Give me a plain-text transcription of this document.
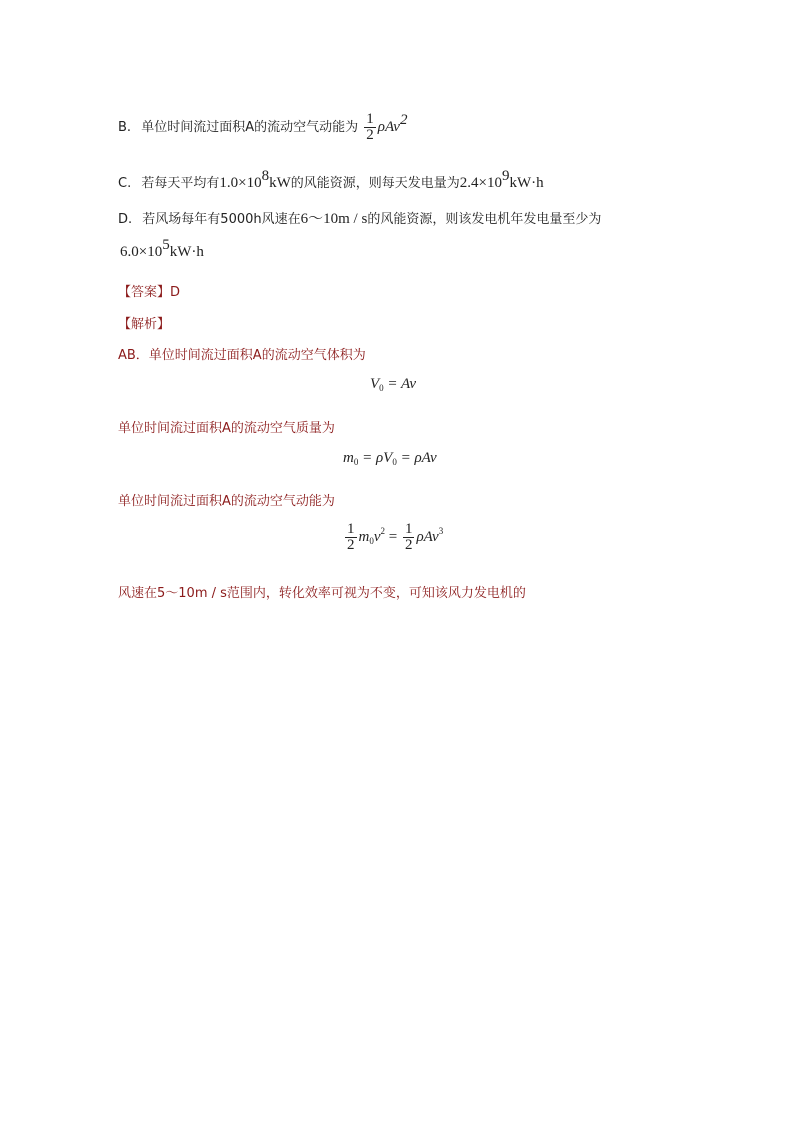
B. 单位时间流过面积A的流动空气动能为 $\frac{1}{2} \rho Av^2$
C. 若每天平均有$1.0\times 10^8kW$的风能资源，则每天发电量为$2.4\times 10^9kW\cdot h$
D. 若风场每年有5000h风速在6～10m / s的风能资源，则该发电机年发电量至少为
$6.0\times 10^5kW\cdot h$
【答案】D
【解析】
AB．单位时间流过面积A的流动空气体积为
$V_0 = Av$
单位时间流过面积A的流动空气质量为
$m_0 = \rho V_0 = \rho Av$
单位时间流过面积A的流动空气动能为
$\frac{1}{2} m_0v^2 = \frac{1}{2} \rho Av^3$
风速在5～10m / s范围内，转化效率可视为不变，可知该风力发电机的
